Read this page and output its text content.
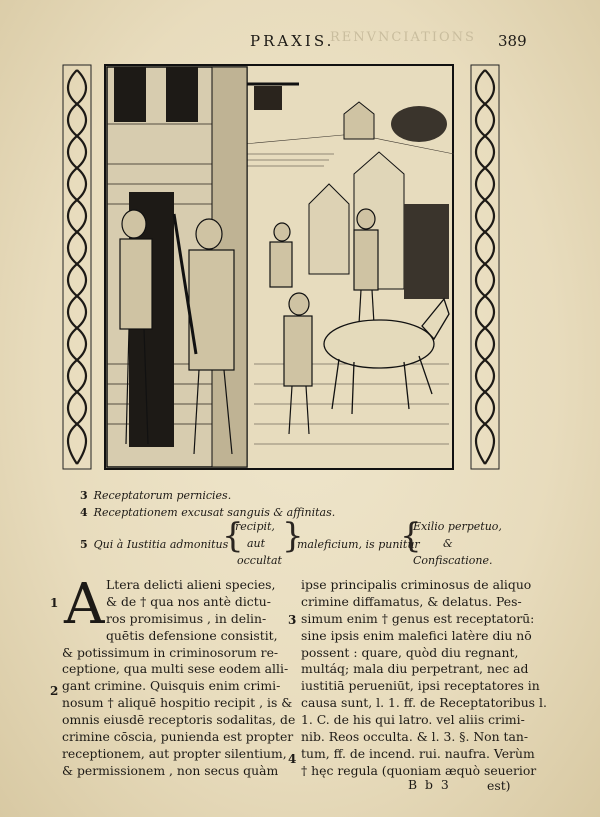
RENVNCIATIONS
PRAXIS.	389
3 Receptatorum pernicies.
4 Receptationem excusat sanguis & affinitas.
5 Qui à Iustitia admonitus
{
recipit,
aut
occultat
}
maleficium, is punitur
{
Exilio perpetuo,
&
Confiscatione.
A
1
2
3
4
Ltera delicti alieni species,
& de † qua nos antè dictu-
ros promisimus , in delin-
quētis defensione consistit,
& potissimum in criminosorum re-
ceptione, qua multi sese eodem alli-
gant crimine. Quisquis enim crimi-
nosum † aliquē hospitio recipit , is &
omnis eiusdē receptoris sodalitas, de
crimine cōscia, punienda est propter
receptionem, aut propter silentium,
& permissionem , non secus quàm
ipse principalis criminosus de aliquo
crimine diffamatus, & delatus. Pes-
simum enim † genus est receptatorū:
sine ipsis enim malefici latère diu nō
possent : quare, quòd diu regnant,
multáq; mala diu perpetrant, nec ad
iustitiā perueniūt, ipsi receptatores in
causa sunt, l. 1. ff. de Receptatoribus l.
1. C. de his qui latro. vel aliis crimi-
nib. Reos occulta. & l. 3. §. Non tan-
tum, ff. de incend. rui. naufra. Verùm
† hęc regula (quoniam æquò seuerior
B b 3	est)
